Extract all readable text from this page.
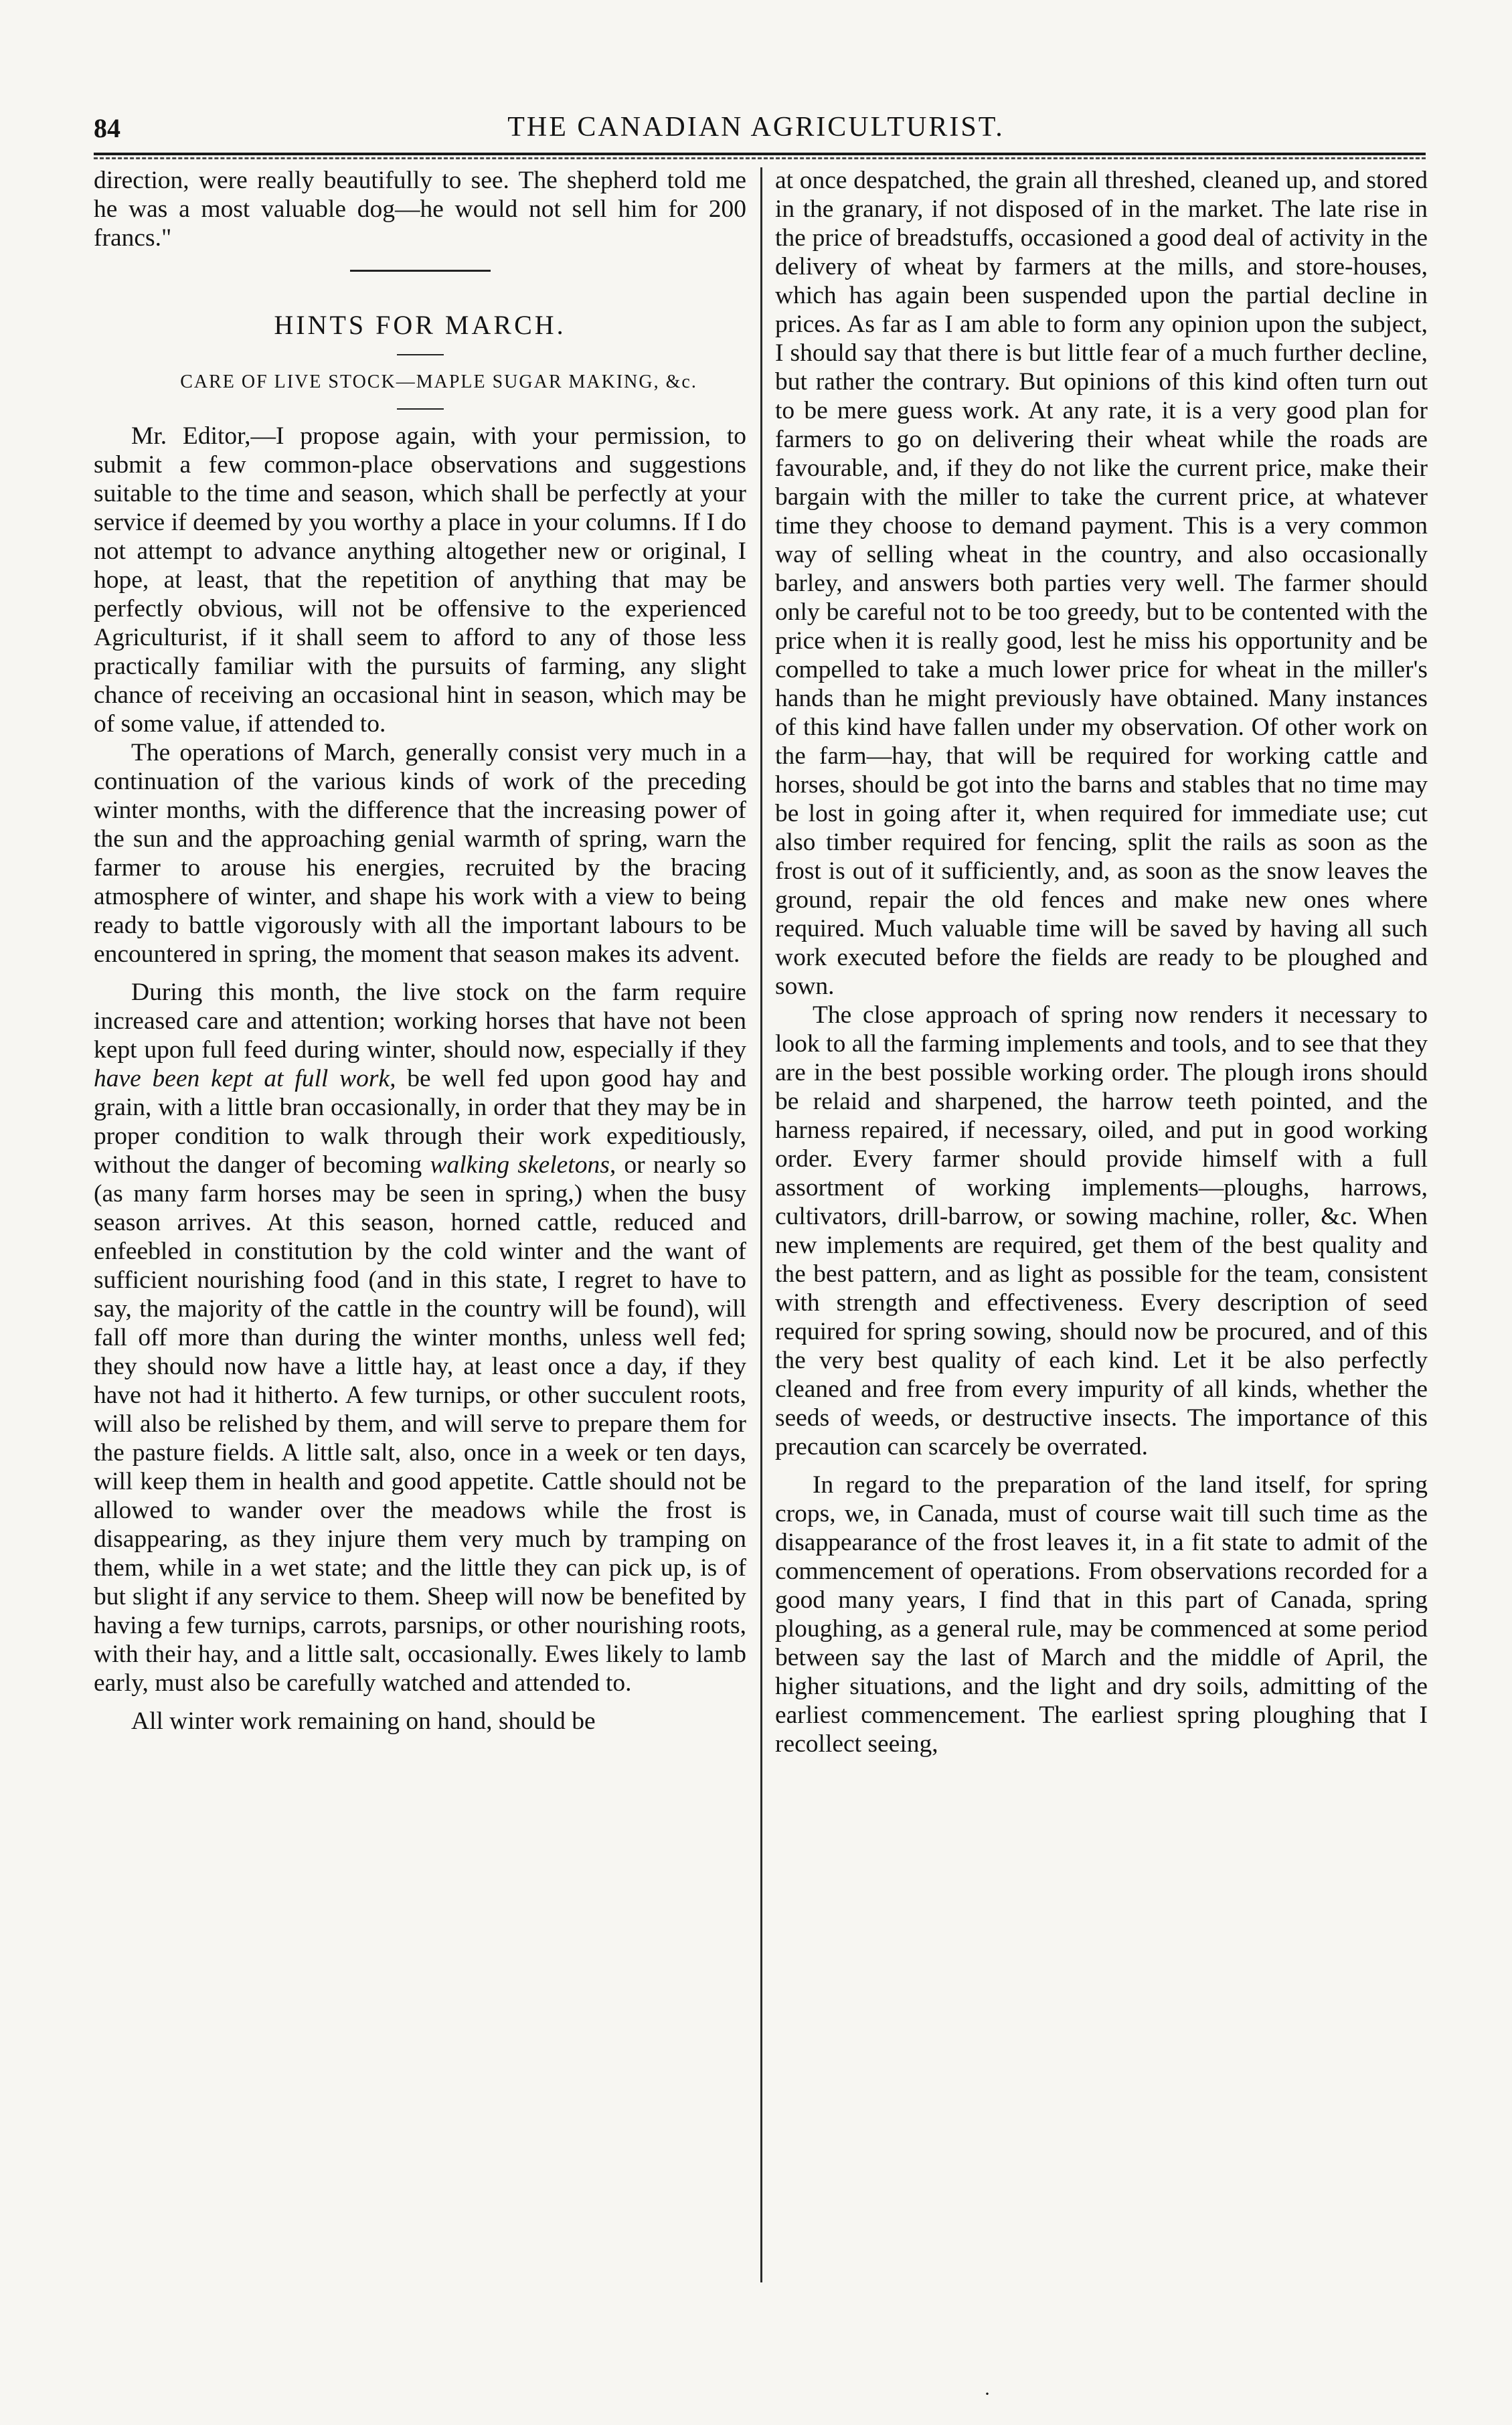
84	THE CANADIAN AGRICULTURIST.

direction, were really beautifully to see. The shepherd told me he was a most valuable dog—he would not sell him for 200 francs."

HINTS FOR MARCH.

CARE OF LIVE STOCK—MAPLE SUGAR MAKING, &c.

Mr. Editor,—I propose again, with your permission, to submit a few common-place observations and suggestions suitable to the time and season, which shall be perfectly at your service if deemed by you worthy a place in your columns. If I do not attempt to advance anything altogether new or original, I hope, at least, that the repetition of anything that may be perfectly obvious, will not be offensive to the experienced Agriculturist, if it shall seem to afford to any of those less practically familiar with the pursuits of farming, any slight chance of receiving an occasional hint in season, which may be of some value, if attended to.

The operations of March, generally consist very much in a continuation of the various kinds of work of the preceding winter months, with the difference that the increasing power of the sun and the approaching genial warmth of spring, warn the farmer to arouse his energies, recruited by the bracing atmosphere of winter, and shape his work with a view to being ready to battle vigorously with all the important labours to be encountered in spring, the moment that season makes its advent.

During this month, the live stock on the farm require increased care and attention; working horses that have not been kept upon full feed during winter, should now, especially if they have been kept at full work, be well fed upon good hay and grain, with a little bran occasionally, in order that they may be in proper condition to walk through their work expeditiously, without the danger of becoming walking skeletons, or nearly so (as many farm horses may be seen in spring,) when the busy season arrives. At this season, horned cattle, reduced and enfeebled in constitution by the cold winter and the want of sufficient nourishing food (and in this state, I regret to have to say, the majority of the cattle in the country will be found), will fall off more than during the winter months, unless well fed; they should now have a little hay, at least once a day, if they have not had it hitherto. A few turnips, or other succulent roots, will also be relished by them, and will serve to prepare them for the pasture fields. A little salt, also, once in a week or ten days, will keep them in health and good appetite. Cattle should not be allowed to wander over the meadows while the frost is disappearing, as they injure them very much by tramping on them, while in a wet state; and the little they can pick up, is of but slight if any service to them. Sheep will now be benefited by having a few turnips, carrots, parsnips, or other nourishing roots, with their hay, and a little salt, occasionally. Ewes likely to lamb early, must also be carefully watched and attended to.

All winter work remaining on hand, should be

at once despatched, the grain all threshed, cleaned up, and stored in the granary, if not disposed of in the market. The late rise in the price of breadstuffs, occasioned a good deal of activity in the delivery of wheat by farmers at the mills, and store-houses, which has again been suspended upon the partial decline in prices. As far as I am able to form any opinion upon the subject, I should say that there is but little fear of a much further decline, but rather the contrary. But opinions of this kind often turn out to be mere guess work. At any rate, it is a very good plan for farmers to go on delivering their wheat while the roads are favourable, and, if they do not like the current price, make their bargain with the miller to take the current price, at whatever time they choose to demand payment. This is a very common way of selling wheat in the country, and also occasionally barley, and answers both parties very well. The farmer should only be careful not to be too greedy, but to be contented with the price when it is really good, lest he miss his opportunity and be compelled to take a much lower price for wheat in the miller's hands than he might previously have obtained. Many instances of this kind have fallen under my observation. Of other work on the farm—hay, that will be required for working cattle and horses, should be got into the barns and stables that no time may be lost in going after it, when required for immediate use; cut also timber required for fencing, split the rails as soon as the frost is out of it sufficiently, and, as soon as the snow leaves the ground, repair the old fences and make new ones where required. Much valuable time will be saved by having all such work executed before the fields are ready to be ploughed and sown.

The close approach of spring now renders it necessary to look to all the farming implements and tools, and to see that they are in the best possible working order. The plough irons should be relaid and sharpened, the harrow teeth pointed, and the harness repaired, if necessary, oiled, and put in good working order. Every farmer should provide himself with a full assortment of working implements—ploughs, harrows, cultivators, drill-barrow, or sowing machine, roller, &c. When new implements are required, get them of the best quality and the best pattern, and as light as possible for the team, consistent with strength and effectiveness. Every description of seed required for spring sowing, should now be procured, and of this the very best quality of each kind. Let it be also perfectly cleaned and free from every impurity of all kinds, whether the seeds of weeds, or destructive insects. The importance of this precaution can scarcely be overrated.

In regard to the preparation of the land itself, for spring crops, we, in Canada, must of course wait till such time as the disappearance of the frost leaves it, in a fit state to admit of the commencement of operations. From observations recorded for a good many years, I find that in this part of Canada, spring ploughing, as a general rule, may be commenced at some period between say the last of March and the middle of April, the higher situations, and the light and dry soils, admitting of the earliest commencement. The earliest spring ploughing that I recollect seeing,

·
